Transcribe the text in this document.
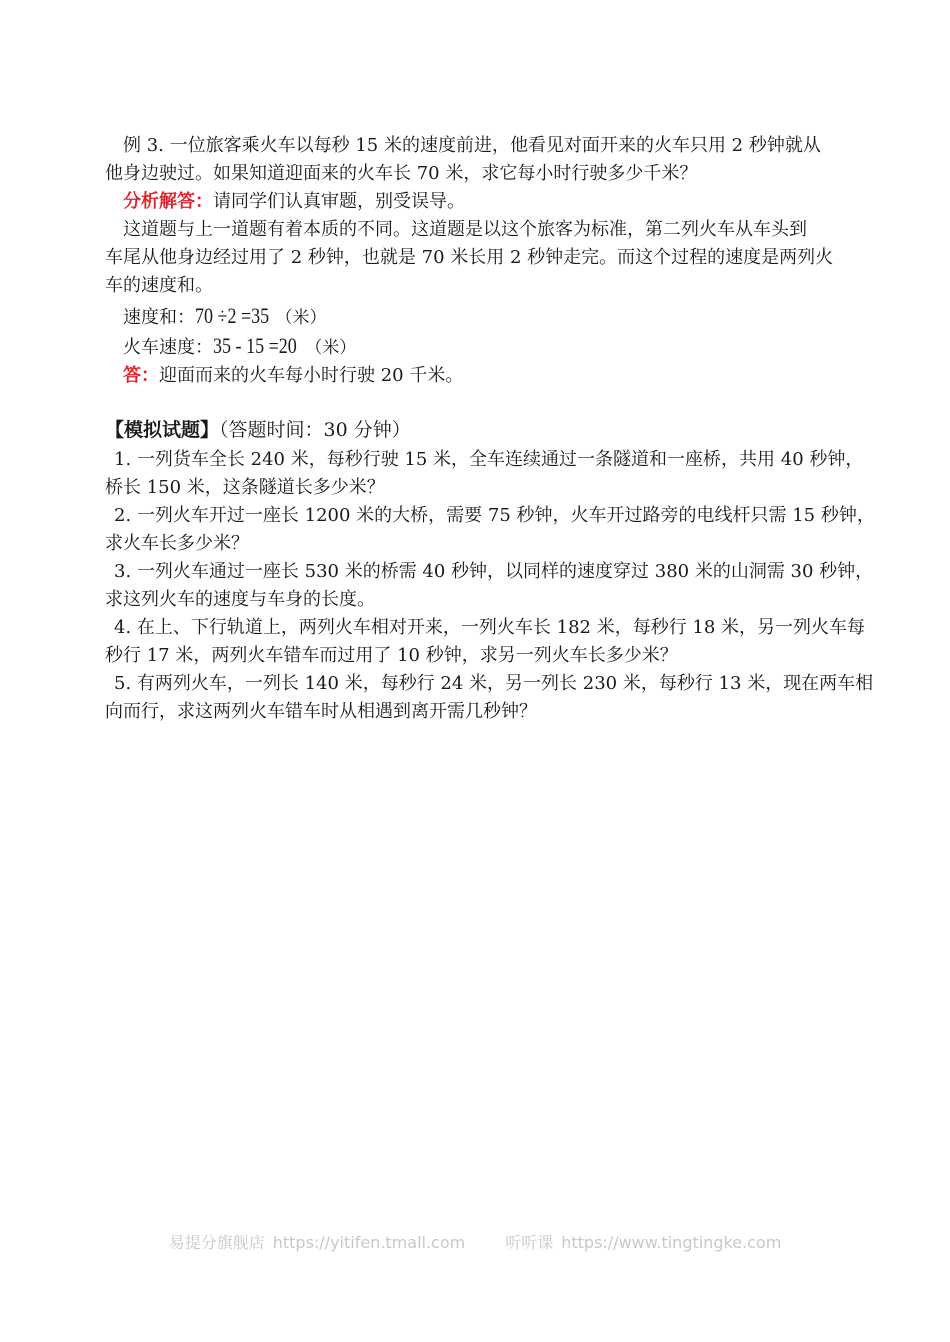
例 3. 一位旅客乘火车以每秒 15 米的速度前进，他看见对面开来的火车只用 2 秒钟就从
他身边驶过。如果知道迎面来的火车长 70 米，求它每小时行驶多少千米？
分析解答：请同学们认真审题，别受误导。
这道题与上一道题有着本质的不同。这道题是以这个旅客为标准，第二列火车从车头到
车尾从他身边经过用了 2 秒钟，也就是 70 米长用 2 秒钟走完。而这个过程的速度是两列火
车的速度和。
速度和：70 ÷2 =35 （米）
火车速度：35 - 15 =20 （米）
答：迎面而来的火车每小时行驶 20 千米。
【模拟试题】（答题时间：30 分钟）
1. 一列货车全长 240 米，每秒行驶 15 米，全车连续通过一条隧道和一座桥，共用 40 秒钟，
桥长 150 米，这条隧道长多少米？
2. 一列火车开过一座长 1200 米的大桥，需要 75 秒钟，火车开过路旁的电线杆只需 15 秒钟，
求火车长多少米？
3. 一列火车通过一座长 530 米的桥需 40 秒钟，以同样的速度穿过 380 米的山洞需 30 秒钟，
求这列火车的速度与车身的长度。
4. 在上、下行轨道上，两列火车相对开来，一列火车长 182 米，每秒行 18 米，另一列火车每
秒行 17 米，两列火车错车而过用了 10 秒钟，求另一列火车长多少米？
5. 有两列火车，一列长 140 米，每秒行 24 米，另一列长 230 米，每秒行 13 米，现在两车相
向而行，求这两列火车错车时从相遇到离开需几秒钟？
易提分旗舰店 https://yitifen.tmall.com	听听课 https://www.tingtingke.com
